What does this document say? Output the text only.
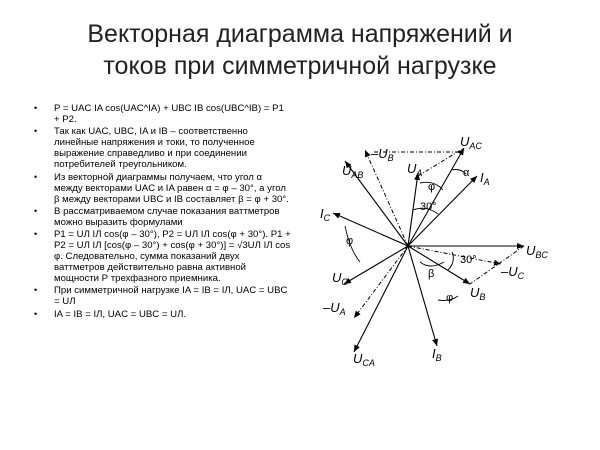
Векторная диаграмма напряжений и
токов при симметричной нагрузке
• P = UAC IA cos(UAC^IA) + UBC IB cos(UBC^IB) = P1 + P2.
• Так как UAC, UBC, IA и IB – соответственно линейные напряжения и токи, то полученное выражение справедливо и при соединении потребителей треугольником.
• Из векторной диаграммы получаем, что угол α между векторами UAC и IA равен α = φ – 30°, а угол β между векторами UBC и IB составляет β = φ + 30°.
• В рассматриваемом случае показания ваттметров можно выразить формулами
• P1 = UЛ IЛ cos(φ – 30°), P2 = UЛ IЛ cos(φ + 30°). P1 + P2 = UЛ IЛ [cos(φ – 30°) + cos(φ + 30°)] = √3UЛ IЛ cos φ. Следовательно, сумма показаний двух ваттметров действительно равна активной мощности Р трехфазного приемника.
• При симметричной нагрузке IA = IB = IЛ, UAC = UBC = UЛ
• IA = IB = IЛ, UAC = UBC = UЛ.
$U_{AC}$
$-U_B$
$U_A$
$U_{AB}$	$I_A$
$I_C$
$U_{BC}$
$-U_C$
$U_C$
$U_B$
$-U_A$
$U_{CA}$
$I_B$
φ
α
30°
φ
30°
β
φ
